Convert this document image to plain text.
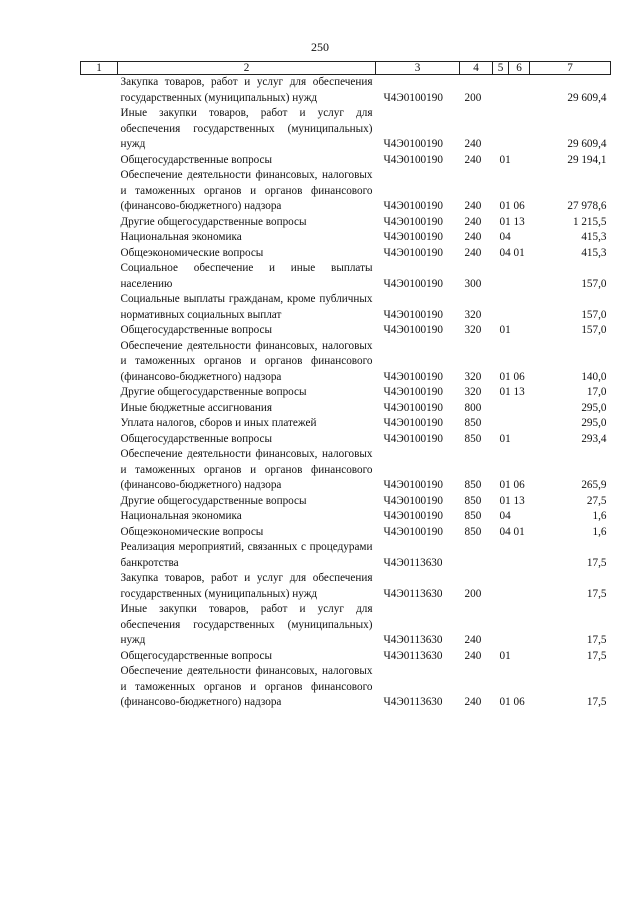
250
1	2	3	4	5	6	7
	Закупка товаров, работ и услуг для обеспечения государственных (муниципальных) нужд	Ч4Э0100190	200			29 609,4
	Иные закупки товаров, работ и услуг для обеспечения государственных (муниципальных) нужд	Ч4Э0100190	240			29 609,4
	Общегосударственные вопросы	Ч4Э0100190	240	01		29 194,1
	Обеспечение деятельности финансовых, налоговых и таможенных органов и органов финансового (финансово-бюджетного) надзора	Ч4Э0100190	240	01 06		27 978,6
	Другие общегосударственные вопросы	Ч4Э0100190	240	01 13		1 215,5
	Национальная экономика	Ч4Э0100190	240	04		415,3
	Общеэкономические вопросы	Ч4Э0100190	240	04 01		415,3
	Социальное обеспечение и иные выплаты населению	Ч4Э0100190	300			157,0
	Социальные выплаты гражданам, кроме публичных нормативных социальных выплат	Ч4Э0100190	320			157,0
	Общегосударственные вопросы	Ч4Э0100190	320	01		157,0
	Обеспечение деятельности финансовых, налоговых и таможенных органов и органов финансового (финансово-бюджетного) надзора	Ч4Э0100190	320	01 06		140,0
	Другие общегосударственные вопросы	Ч4Э0100190	320	01 13		17,0
	Иные бюджетные ассигнования	Ч4Э0100190	800			295,0
	Уплата налогов, сборов и иных платежей	Ч4Э0100190	850			295,0
	Общегосударственные вопросы	Ч4Э0100190	850	01		293,4
	Обеспечение деятельности финансовых, налоговых и таможенных органов и органов финансового (финансово-бюджетного) надзора	Ч4Э0100190	850	01 06		265,9
	Другие общегосударственные вопросы	Ч4Э0100190	850	01 13		27,5
	Национальная экономика	Ч4Э0100190	850	04		1,6
	Общеэкономические вопросы	Ч4Э0100190	850	04 01		1,6
	Реализация мероприятий, связанных с процедурами банкротства	Ч4Э0113630				17,5
	Закупка товаров, работ и услуг для обеспечения государственных (муниципальных) нужд	Ч4Э0113630	200			17,5
	Иные закупки товаров, работ и услуг для обеспечения государственных (муниципальных) нужд	Ч4Э0113630	240			17,5
	Общегосударственные вопросы	Ч4Э0113630	240	01		17,5
	Обеспечение деятельности финансовых, налоговых и таможенных органов и органов финансового (финансово-бюджетного) надзора	Ч4Э0113630	240	01 06		17,5
